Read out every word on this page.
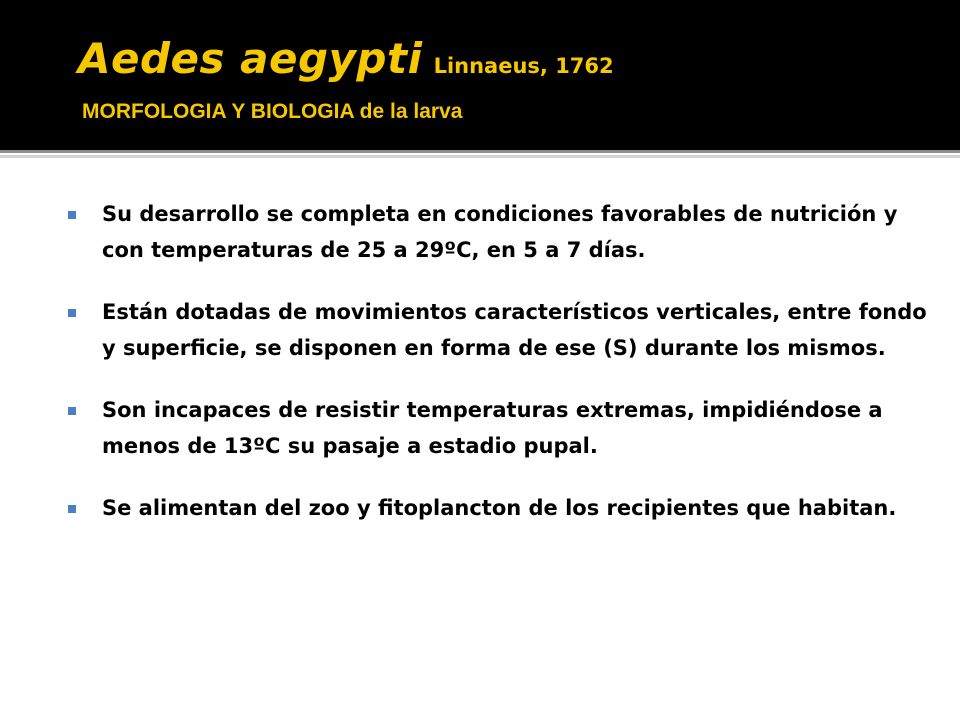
Aedes aegypti Linnaeus, 1762
MORFOLOGIA Y BIOLOGIA de la larva
Su desarrollo se completa en condiciones favorables de nutrición y con temperaturas de 25 a 29ºC, en 5 a 7 días.
Están dotadas de movimientos característicos verticales, entre fondo y superficie, se disponen en forma de ese (S) durante los mismos.
Son incapaces de resistir temperaturas extremas, impidiéndose a menos de 13ºC su pasaje a estadio pupal.
Se alimentan del zoo y fitoplancton de los recipientes que habitan.
